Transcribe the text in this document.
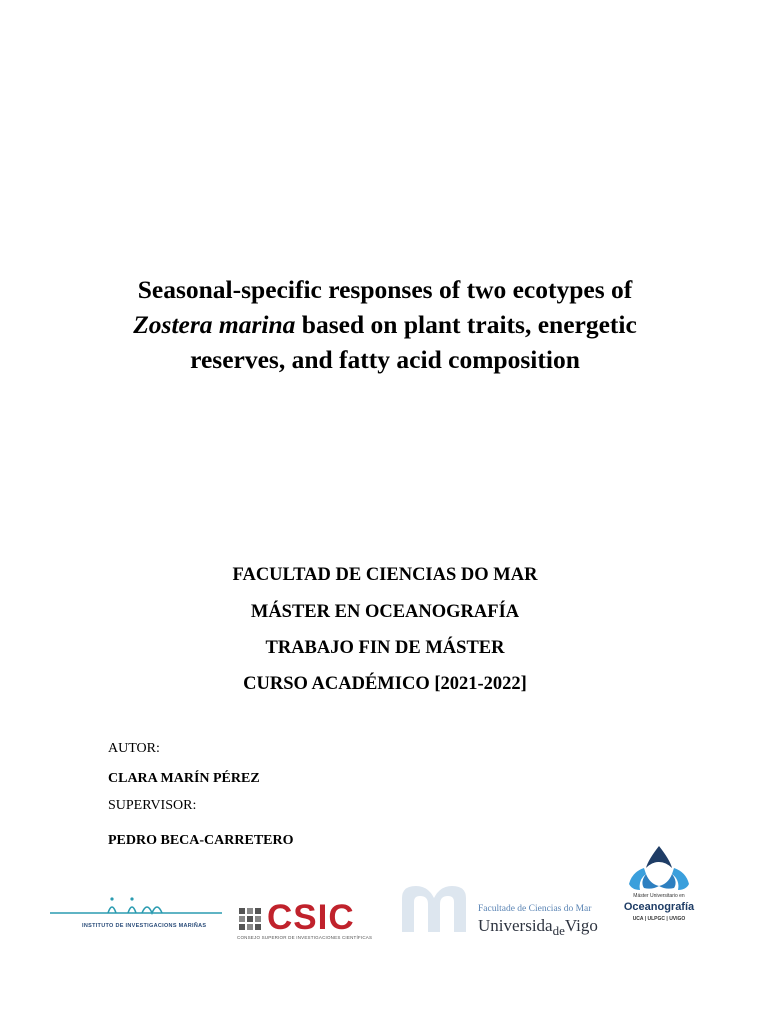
Seasonal-specific responses of two ecotypes of Zostera marina based on plant traits, energetic reserves, and fatty acid composition
FACULTAD DE CIENCIAS DO MAR
MÁSTER EN OCEANOGRAFÍA
TRABAJO FIN DE MÁSTER
CURSO ACADÉMICO [2021-2022]
AUTOR:
CLARA MARÍN PÉREZ
SUPERVISOR:
PEDRO BECA-CARRETERO
INSTITUTO DE INVESTIGACIONS MARIÑAS CSIC
CONSEJO SUPERIOR DE INVESTIGACIONES CIENTÍFICAS
Facultade de Ciencias do Mar
Universida$_{de}$Vigo
Máster Universitario en
Oceanografía
UCA | ULPGC | UVIGO
